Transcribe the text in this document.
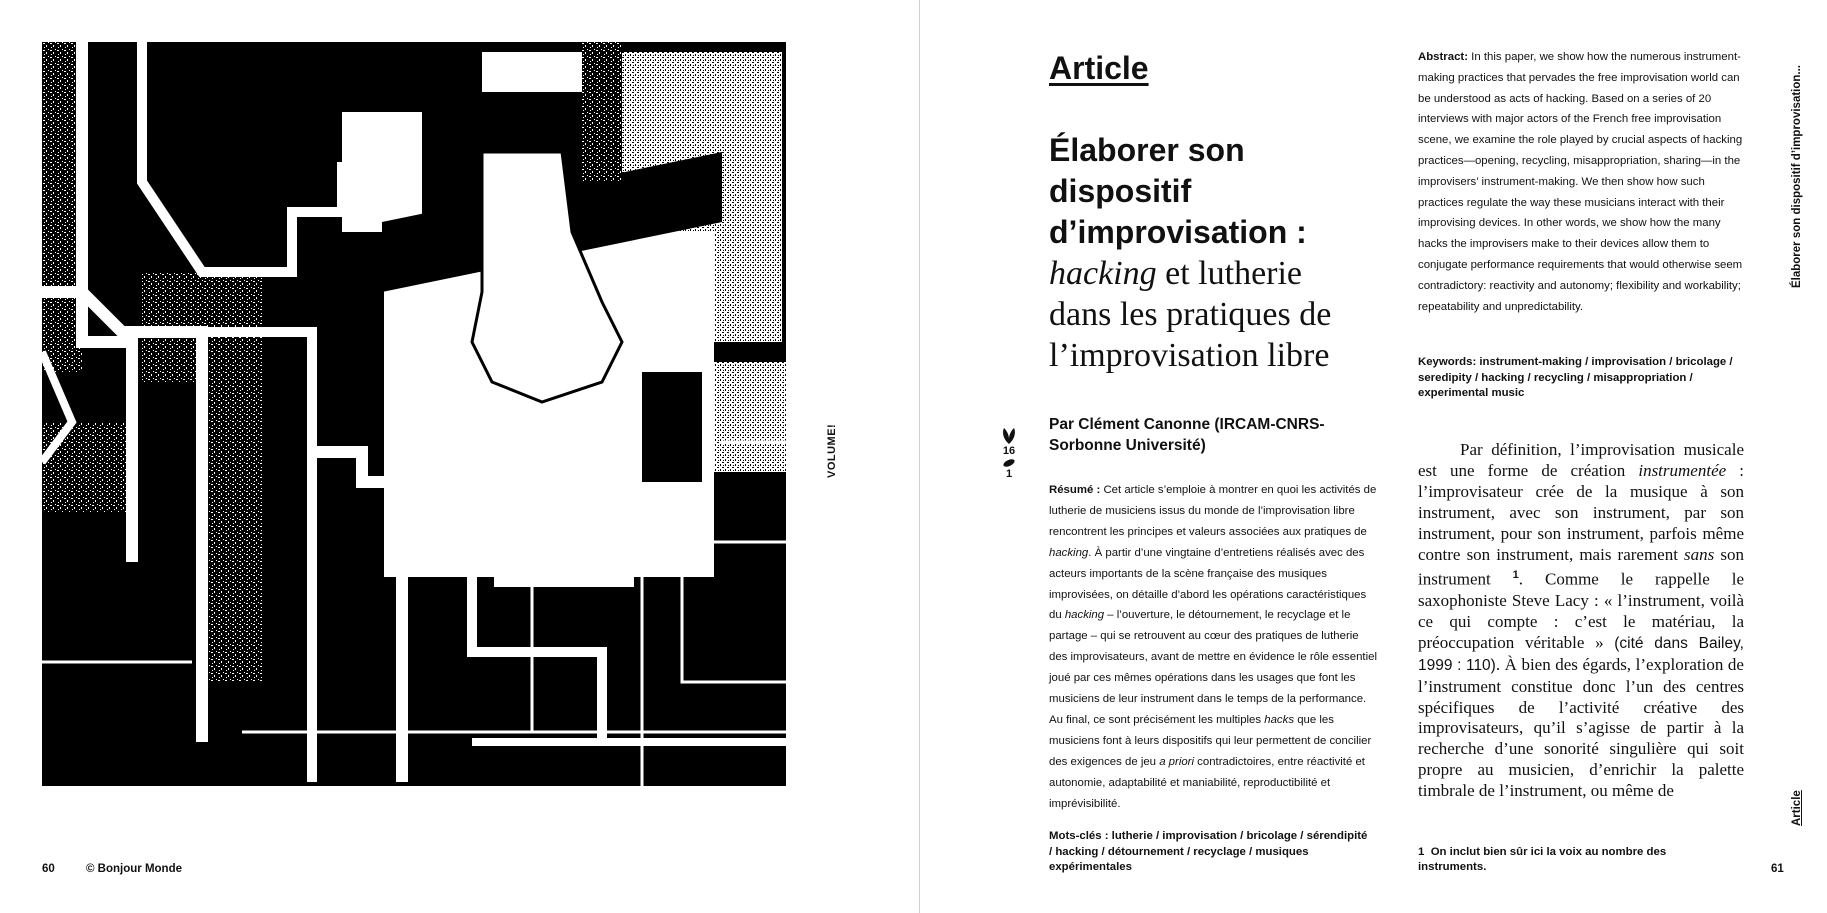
VOLUME!
60	© Bonjour Monde
Article
Élaborer son
dispositif
d’improvisation :
hacking et lutherie
dans les pratiques de
l’improvisation libre
Par Clément Canonne (IRCAM-CNRS-Sorbonne Université)
16
1
Résumé : Cet article s’emploie à montrer en quoi les activités de lutherie de musiciens issus du monde de l’improvisation libre rencontrent les principes et valeurs associées aux pratiques de hacking. À partir d’une vingtaine d’entretiens réalisés avec des acteurs importants de la scène française des musiques improvisées, on détaille d’abord les opérations caractéristiques du hacking – l’ouverture, le détournement, le recyclage et le partage – qui se retrouvent au cœur des pratiques de lutherie des improvisateurs, avant de mettre en évidence le rôle essentiel joué par ces mêmes opérations dans les usages que font les musiciens de leur instrument dans le temps de la performance. Au final, ce sont précisément les multiples hacks que les musiciens font à leurs dispositifs qui leur permettent de concilier des exigences de jeu a priori contradictoires, entre réactivité et autonomie, adaptabilité et maniabilité, reproductibilité et imprévisibilité.
Mots-clés : lutherie / improvisation / bricolage / sérendipité / hacking / détournement / recyclage / musiques expérimentales
Abstract: In this paper, we show how the numerous instrument-making practices that pervades the free improvisation world can be understood as acts of hacking. Based on a series of 20 interviews with major actors of the French free improvisation scene, we examine the role played by crucial aspects of hacking practices—opening, recycling, misappropriation, sharing—in the improvisers’ instrument-making. We then show how such practices regulate the way these musicians interact with their improvising devices. In other words, we show how the many hacks the improvisers make to their devices allow them to conjugate performance requirements that would otherwise seem contradictory: reactivity and autonomy; flexibility and workability; repeatability and unpredictability.
Keywords: instrument-making / improvisation / bricolage / seredipity / hacking / recycling / misappropriation / experimental music
Par définition, l’improvisation musicale est une forme de création instrumentée : l’improvisateur crée de la musique à son instrument, avec son instrument, par son instrument, pour son instrument, parfois même contre son instrument, mais rarement sans son instrument $^1$. Comme le rappelle le saxophoniste Steve Lacy : « l’instrument, voilà ce qui compte : c’est le matériau, la préoccupation véritable » (cité dans Bailey, 1999 : 110). À bien des égards, l’exploration de l’instrument constitue donc l’un des centres spécifiques de l’activité créative des improvisateurs, qu’il s’agisse de partir à la recherche d’une sonorité singulière qui soit propre au musicien, d’enrichir la palette timbrale de l’instrument, ou même de
1 On inclut bien sûr ici la voix au nombre des instruments.
Élaborer son dispositif d’improvisation...
Article
61
